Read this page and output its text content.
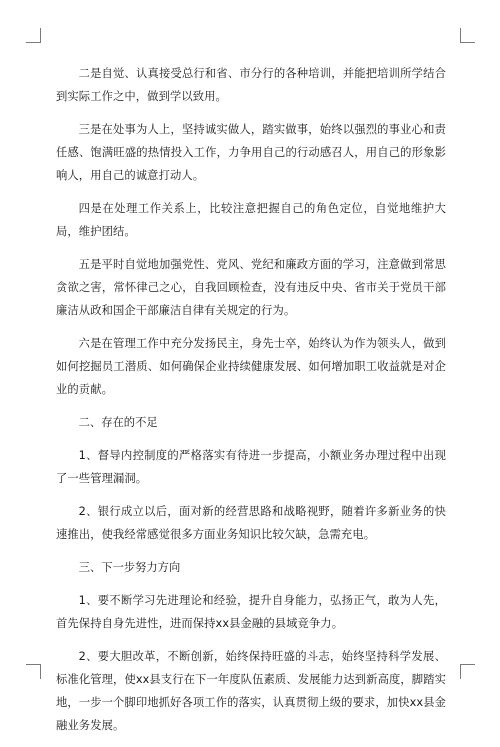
二是自觉、认真接受总行和省、市分行的各种培训，并能把培训所学结合到实际工作之中，做到学以致用。

三是在处事为人上，坚持诚实做人，踏实做事，始终以强烈的事业心和责任感、饱满旺盛的热情投入工作，力争用自己的行动感召人，用自己的形象影响人，用自己的诚意打动人。

四是在处理工作关系上，比较注意把握自己的角色定位，自觉地维护大局，维护团结。

五是平时自觉地加强党性、党风、党纪和廉政方面的学习，注意做到常思贪欲之害，常怀律己之心，自我回顾检查，没有违反中央、省市关于党员干部廉洁从政和国企干部廉洁自律有关规定的行为。

六是在管理工作中充分发扬民主，身先士卒，始终认为作为领头人，做到如何挖掘员工潜质、如何确保企业持续健康发展、如何增加职工收益就是对企业的贡献。

二、存在的不足

1、督导内控制度的严格落实有待进一步提高，小额业务办理过程中出现了一些管理漏洞。

2、银行成立以后，面对新的经营思路和战略视野，随着许多新业务的快速推出，使我经常感觉很多方面业务知识比较欠缺，急需充电。

三、下一步努力方向

1、要不断学习先进理论和经验，提升自身能力，弘扬正气，敢为人先，首先保持自身先进性，进而保持xx县金融的县域竞争力。

2、要大胆改革，不断创新，始终保持旺盛的斗志，始终坚持科学发展、标准化管理，使xx县支行在下一年度队伍素质、发展能力达到新高度，脚踏实地，一步一个脚印地抓好各项工作的落实，认真贯彻上级的要求，加快xx县金融业务发展。
